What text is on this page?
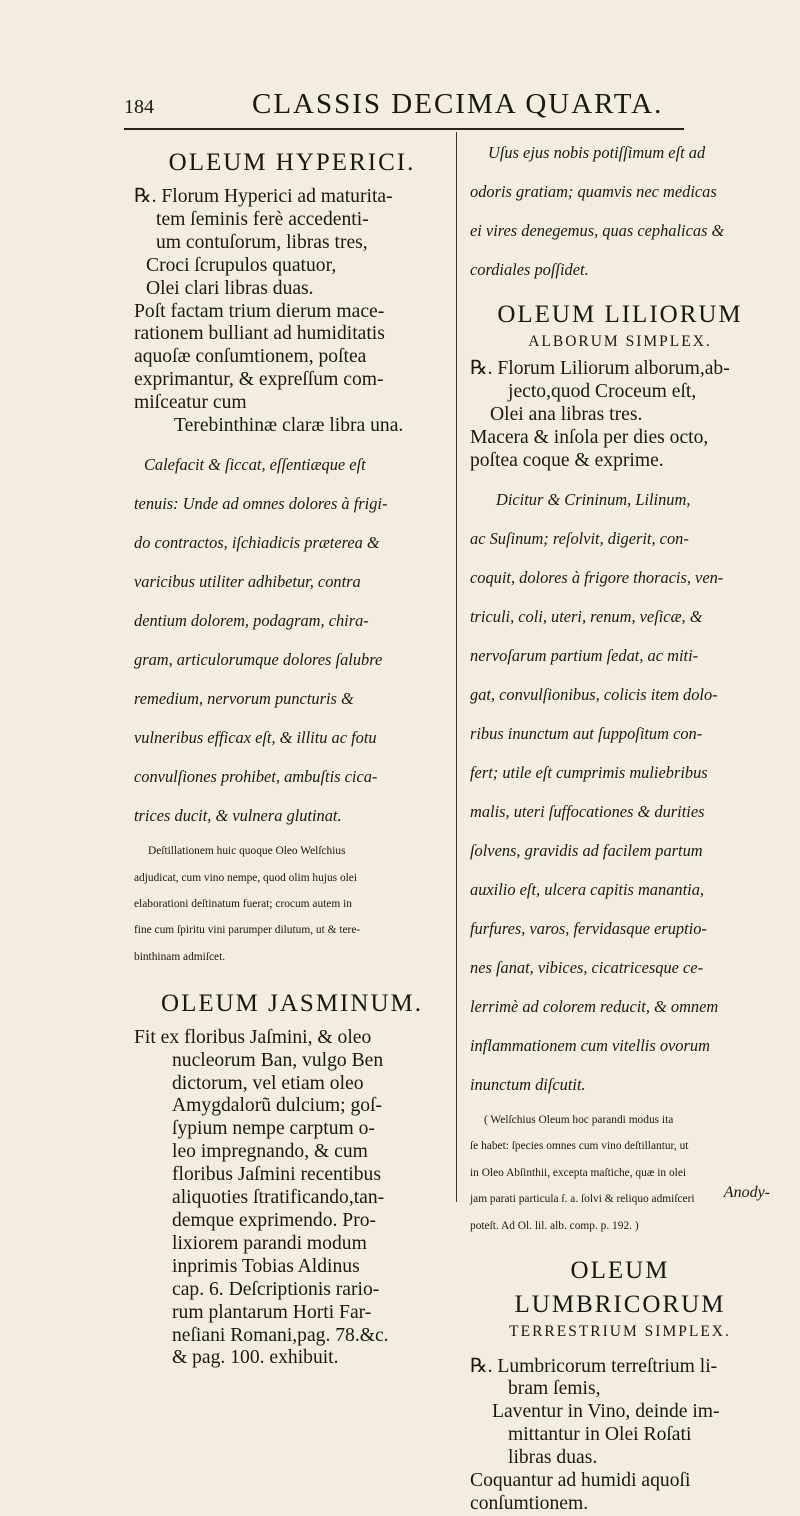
184	CLASSIS DECIMA QUARTA.
OLEUM HYPERICI.

℞. Florum Hyperici ad maturita-

tem ſeminis ferè accedenti-

um contuſorum, libras tres,

Croci ſcrupulos quatuor,

Olei clari libras duas.

Poſt factam trium dierum mace-

rationem bulliant ad humiditatis

aquoſæ conſumtionem, poſtea

exprimantur, & expreſſum com-

miſceatur cum

Terebinthinæ claræ libra una.

Calefacit & ſiccat, eſſentiæque eſt

tenuis: Unde ad omnes dolores à frigi-

do contractos, iſchiadicis præterea &

varicibus utiliter adhibetur, contra

dentium dolorem, podagram, chira-

gram, articulorumque dolores ſalubre

remedium, nervorum puncturis &

vulneribus efficax eſt, & illitu ac fotu

convulſiones prohibet, ambuſtis cica-

trices ducit, & vulnera glutinat.

Deſtillationem huic quoque Oleo Welſchius

adjudicat, cum vino nempe, quod olim hujus olei

elaborationi deſtinatum fuerat; crocum autem in

fine cum ſpiritu vini parumper dilutum, ut & tere-

binthinam admiſcet.

OLEUM JASMINUM.

Fit ex floribus Jaſmini, & oleo

nucleorum Ban, vulgo Ben

dictorum, vel etiam oleo

Amygdalorũ dulcium; goſ-

ſypium nempe carptum o-

leo impregnando, & cum

floribus Jaſmini recentibus

aliquoties ſtratificando,tan-

demque exprimendo. Pro-

lixiorem parandi modum

inprimis Tobias Aldinus

cap. 6. Deſcriptionis rario-

rum plantarum Horti Far-

neſiani Romani,pag. 78.&c.

& pag. 100. exhibuit.

Uſus ejus nobis potiſſimum eſt ad

odoris gratiam; quamvis nec medicas

ei vires denegemus, quas cephalicas &

cordiales poſſidet.

OLEUM LILIORUM
ALBORUM SIMPLEX.

℞. Florum Liliorum alborum,ab-

jecto,quod Croceum eſt,

Olei ana libras tres.

Macera & inſola per dies octo,

poſtea coque & exprime.

Dicitur & Crininum, Lilinum,

ac Suſinum; reſolvit, digerit, con-

coquit, dolores à frigore thoracis, ven-

triculi, coli, uteri, renum, veſicæ, &

nervoſarum partium ſedat, ac miti-

gat, convulſionibus, colicis item dolo-

ribus inunctum aut ſuppoſitum con-

fert; utile eſt cumprimis muliebribus

malis, uteri ſuffocationes & durities

ſolvens, gravidis ad facilem partum

auxilio eſt, ulcera capitis manantia,

furfures, varos, fervidasque eruptio-

nes ſanat, vibices, cicatricesque ce-

lerrimè ad colorem reducit, & omnem

inflammationem cum vitellis ovorum

inunctum diſcutit.

( Welſchius Oleum hoc parandi modus ita

ſe habet: ſpecies omnes cum vino deſtillantur, ut

in Oleo Abſinthii, excepta maſtiche, quæ in olei

jam parati particula ſ. a. ſolvi & reliquo admiſceri

poteſt. Ad Ol. lil. alb. comp. p. 192. )

OLEUM LUMBRICORUM
TERRESTRIUM SIMPLEX.

℞. Lumbricorum terreſtrium li-

bram ſemis,

Laventur in Vino, deinde im-

mittantur in Olei Roſati

libras duas.

Coquantur ad humidi aquoſi

conſumtionem.

Anody-
